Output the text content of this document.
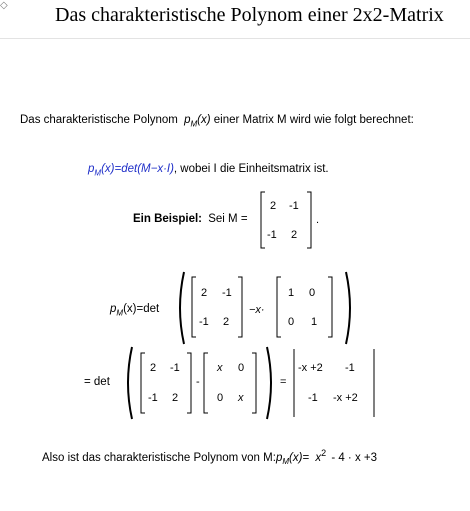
◇ Das charakteristische Polynom einer 2x2-Matrix
Das charakteristische Polynom $p_M(x)$ einer Matrix M wird wie folgt berechnet:
$p_M(x)=\det(M-x\cdot I)$, wobei I die Einheitsmatrix ist.
Ein Beispiel: Sei M =
2 -1
-1 2
.
$p_M(x)=\det$
2 -1
-1 2
−x·
1 0
0 1
= det
2 -1
-1 2
-
x 0
0 x
=
-x +2 -1
-1 -x +2
Also ist das charakteristische Polynom von $M:p_M(x)= x^2 - 4 \cdot x +3$
